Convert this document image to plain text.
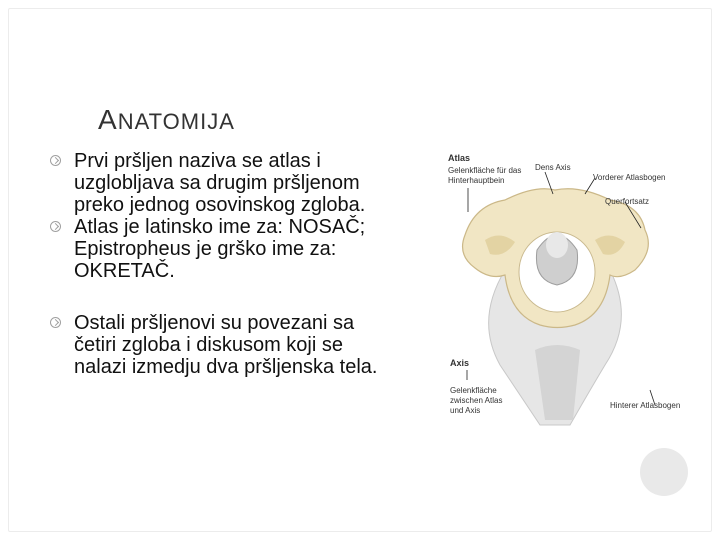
ANATOMIJA
Prvi pršljen naziva se atlas i uzglobljava sa drugim pršljenom preko jednog osovinskog zgloba.
Atlas je latinsko ime za: NOSAČ; Epistropheus je grško ime za: OKRETAČ.
Ostali pršljenovi su povezani sa četiri zgloba i diskusom koji se nalazi izmedju dva pršljenska tela.
Atlas
Gelenkfläche für das
Hinterhauptbein
Dens Axis
Vorderer Atlasbogen
Querfortsatz
Axis
Gelenkfläche
zwischen Atlas
und Axis
Hinterer Atlasbogen
